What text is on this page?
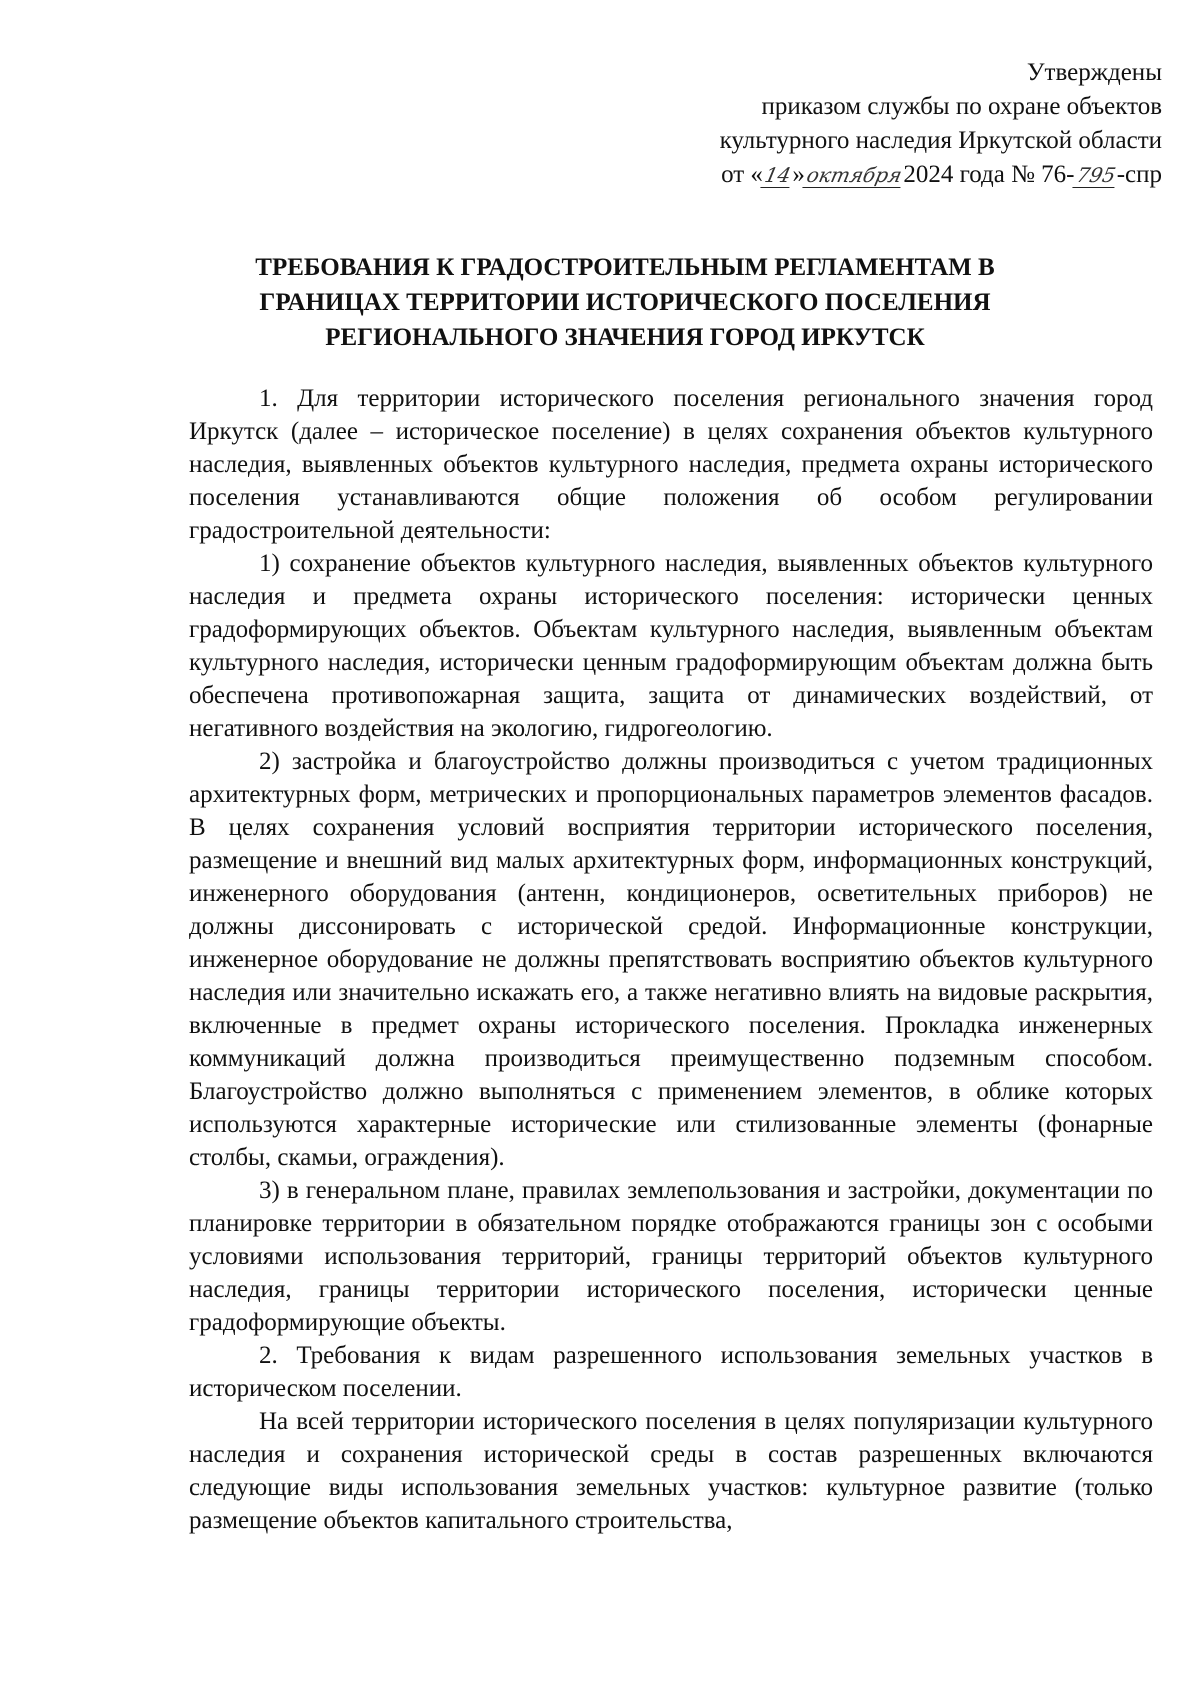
Утверждены
приказом службы по охране объектов
культурного наследия Иркутской области
от «14»октября2024 года № 76-795-спр
ТРЕБОВАНИЯ К ГРАДОСТРОИТЕЛЬНЫМ РЕГЛАМЕНТАМ В
ГРАНИЦАХ ТЕРРИТОРИИ ИСТОРИЧЕСКОГО ПОСЕЛЕНИЯ
РЕГИОНАЛЬНОГО ЗНАЧЕНИЯ ГОРОД ИРКУТСК

1. Для территории исторического поселения регионального значения город Иркутск (далее – историческое поселение) в целях сохранения объектов культурного наследия, выявленных объектов культурного наследия, предмета охраны исторического поселения устанавливаются общие положения об особом регулировании градостроительной деятельности:

1) сохранение объектов культурного наследия, выявленных объектов культурного наследия и предмета охраны исторического поселения: исторически ценных градоформирующих объектов. Объектам культурного наследия, выявленным объектам культурного наследия, исторически ценным градоформирующим объектам должна быть обеспечена противопожарная защита, защита от динамических воздействий, от негативного воздействия на экологию, гидрогеологию.

2) застройка и благоустройство должны производиться с учетом традиционных архитектурных форм, метрических и пропорциональных параметров элементов фасадов. В целях сохранения условий восприятия территории исторического поселения, размещение и внешний вид малых архитектурных форм, информационных конструкций, инженерного оборудования (антенн, кондиционеров, осветительных приборов) не должны диссонировать с исторической средой. Информационные конструкции, инженерное оборудование не должны препятствовать восприятию объектов культурного наследия или значительно искажать его, а также негативно влиять на видовые раскрытия, включенные в предмет охраны исторического поселения. Прокладка инженерных коммуникаций должна производиться преимущественно подземным способом. Благоустройство должно выполняться с применением элементов, в облике которых используются характерные исторические или стилизованные элементы (фонарные столбы, скамьи, ограждения).

3) в генеральном плане, правилах землепользования и застройки, документации по планировке территории в обязательном порядке отображаются границы зон с особыми условиями использования территорий, границы территорий объектов культурного наследия, границы территории исторического поселения, исторически ценные градоформирующие объекты.

2. Требования к видам разрешенного использования земельных участков в историческом поселении.

На всей территории исторического поселения в целях популяризации культурного наследия и сохранения исторической среды в состав разрешенных включаются следующие виды использования земельных участков: культурное развитие (только размещение объектов капитального строительства,
